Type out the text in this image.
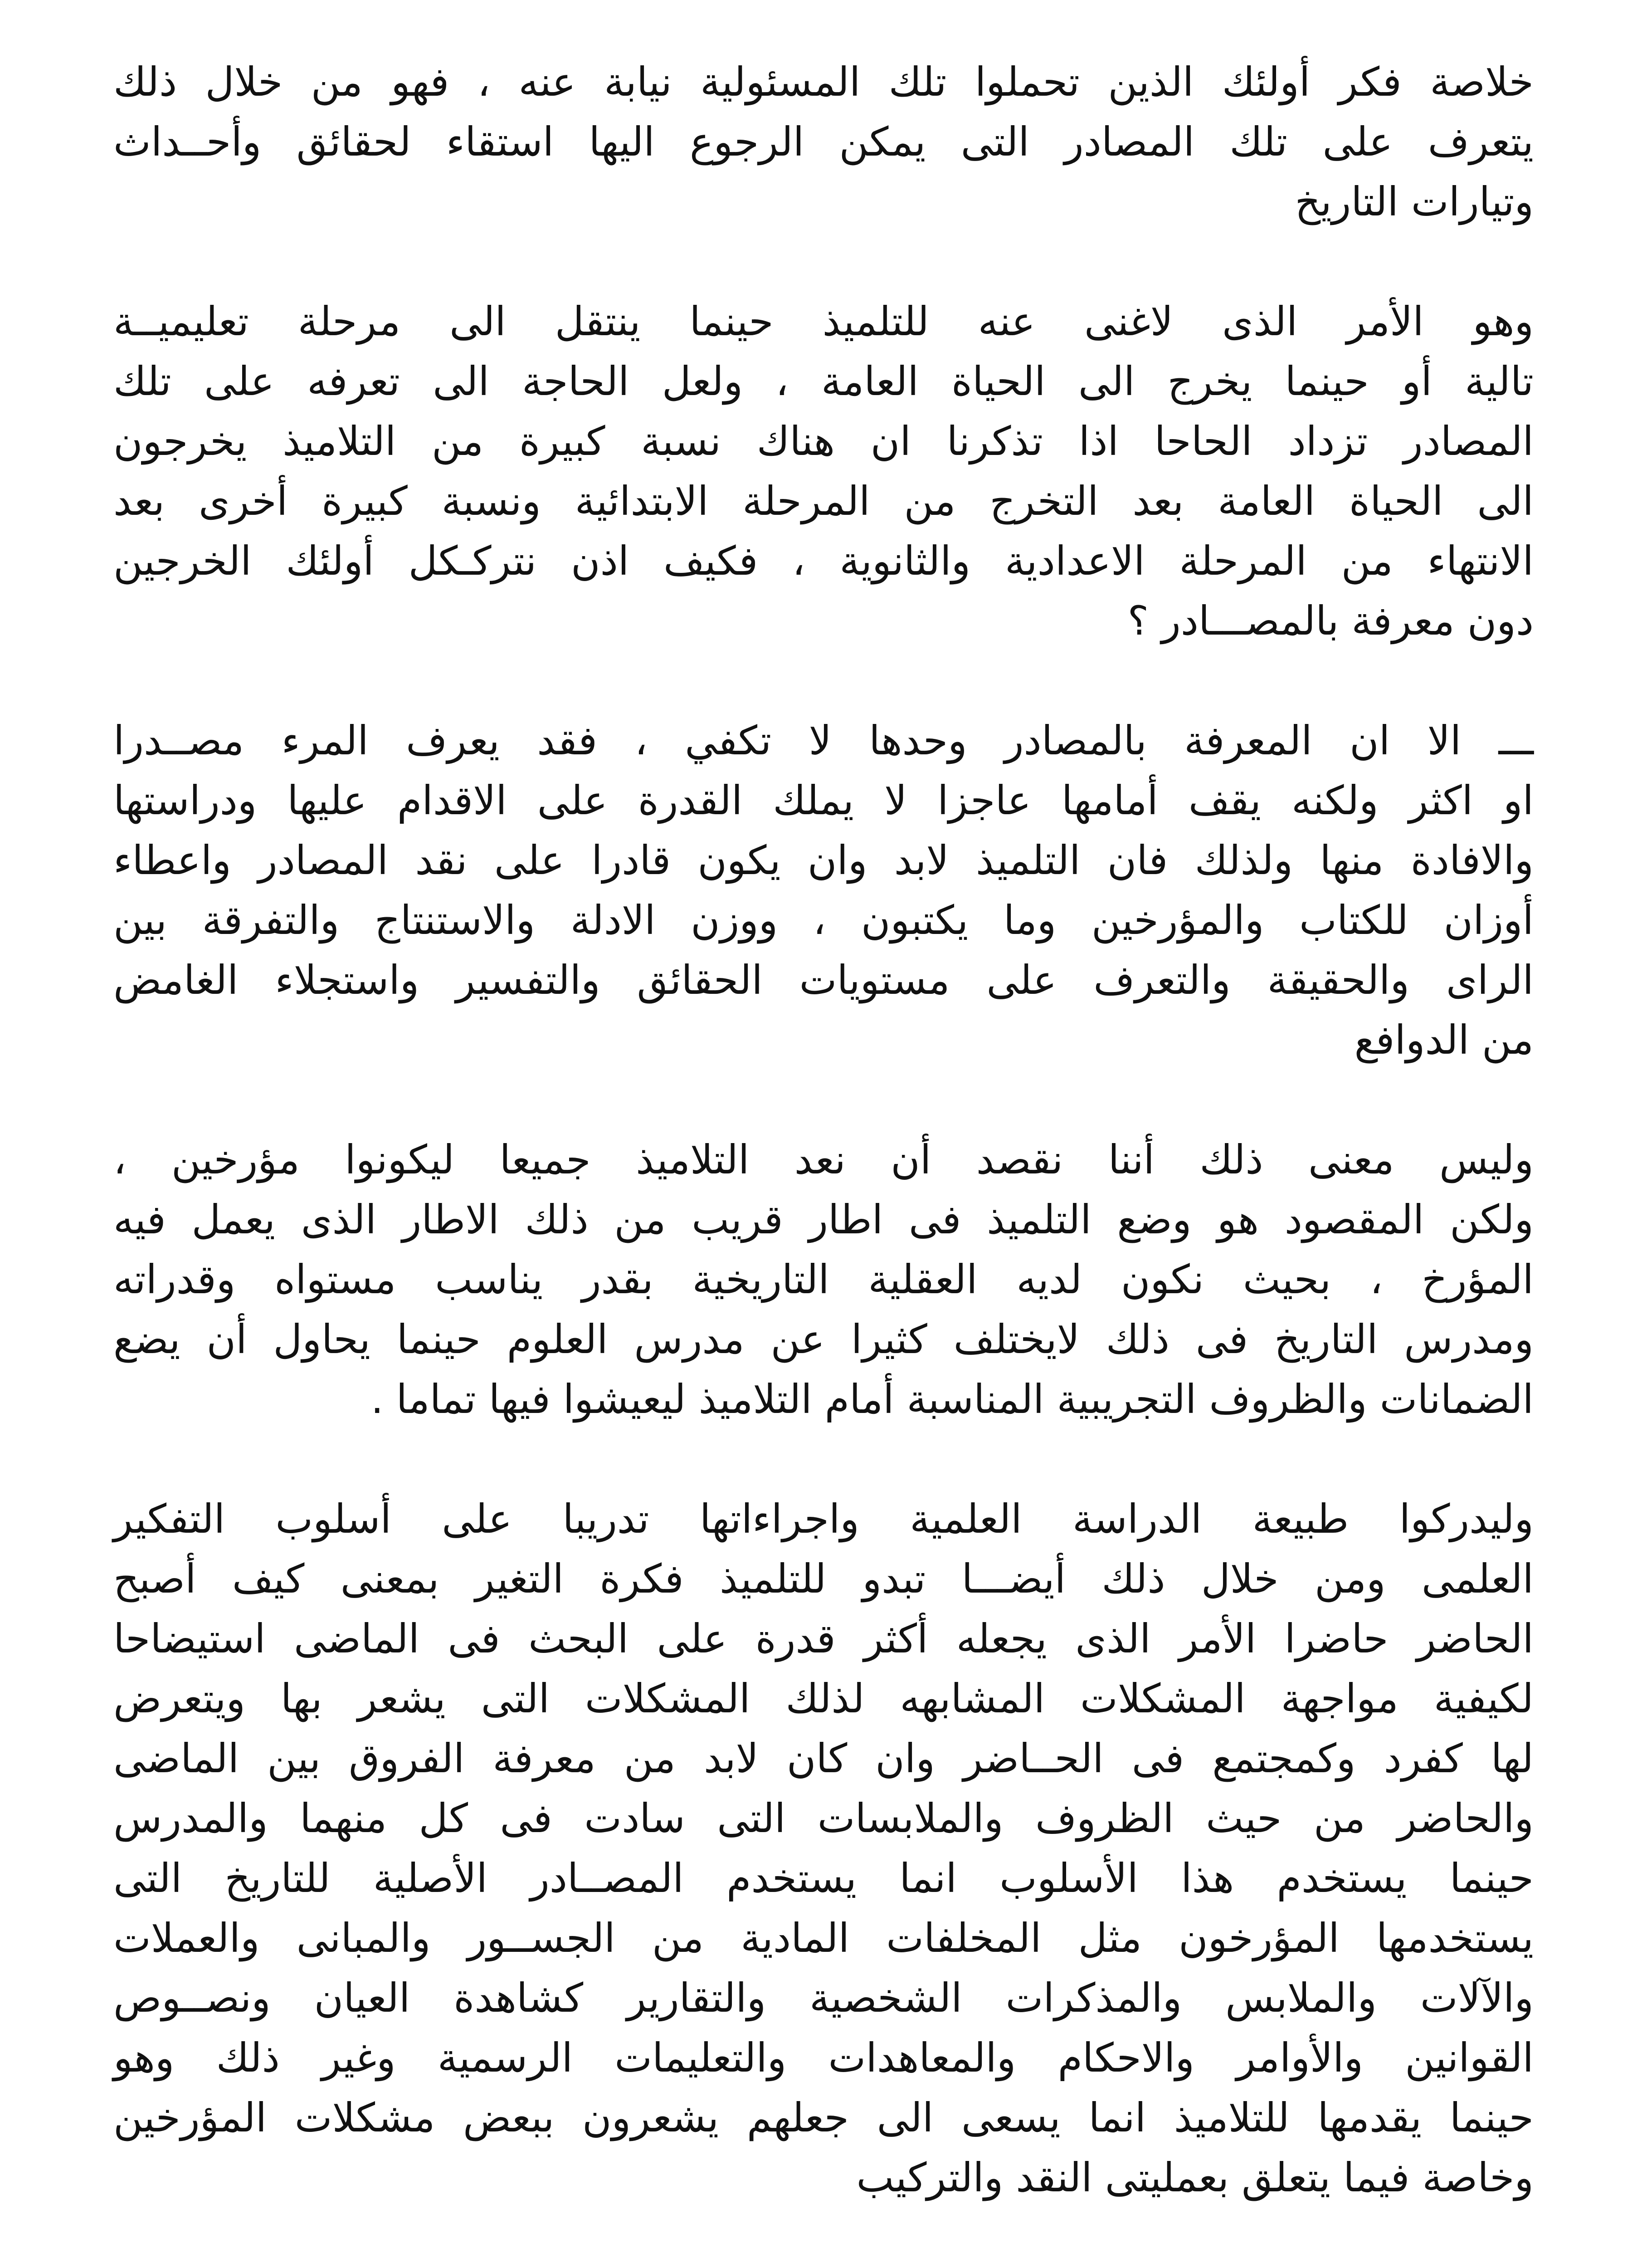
خلاصة فكر أولئك الذين تحملوا تلك المسئولية نيابة عنه ، فهو من خلال ذلك
يتعرف على تلك المصادر التى يمكن الرجوع اليها استقاء لحقائق وأحــداث
وتيارات التاريخ

وهو الأمر الذى لاغنى عنه للتلميذ حينما ينتقل الى مرحلة تعليميــة
تالية أو حينما يخرج الى الحياة العامة ، ولعل الحاجة الى تعرفه على تلك
المصادر تزداد الحاحا اذا تذكرنا ان هناك نسبة كبيرة من التلاميذ يخرجون
الى الحياة العامة بعد التخرج من المرحلة الابتدائية ونسبة كبيرة أخرى بعد
الانتهاء من المرحلة الاعدادية والثانوية ، فكيف اذن نتركـكل أولئك الخرجين
دون معرفة بالمصـــادر ؟

ـــ الا ان المعرفة بالمصادر وحدها لا تكفي ، فقد يعرف المرء مصــدرا
او اكثر ولكنه يقف أمامها عاجزا لا يملك القدرة على الاقدام عليها ودراستها
والافادة منها ولذلك فان التلميذ لابد وان يكون قادرا على نقد المصادر واعطاء
أوزان للكتاب والمؤرخين وما يكتبون ، ووزن الادلة والاستنتاج والتفرقة بين
الراى والحقيقة والتعرف على مستويات الحقائق والتفسير واستجلاء الغامض
من الدوافع

وليس معنى ذلك أننا نقصد أن نعد التلاميذ جميعا ليكونوا مؤرخين ،
ولكن المقصود هو وضع التلميذ فى اطار قريب من ذلك الاطار الذى يعمل فيه
المؤرخ ، بحيث نكون لديه العقلية التاريخية بقدر يناسب مستواه وقدراته
ومدرس التاريخ فى ذلك لايختلف كثيرا عن مدرس العلوم حينما يحاول أن يضع
الضمانات والظروف التجريبية المناسبة أمام التلاميذ ليعيشوا فيها تماما .

وليدركوا طبيعة الدراسة العلمية واجراءاتها تدريبا على أسلوب التفكير
العلمى ومن خلال ذلك أيضـــا تبدو للتلميذ فكرة التغير بمعنى كيف أصبح
الحاضر حاضرا الأمر الذى يجعله أكثر قدرة على البحث فى الماضى استيضاحا
لكيفية مواجهة المشكلات المشابهه لذلك المشكلات التى يشعر بها ويتعرض
لها كفرد وكمجتمع فى الحــاضر وان كان لابد من معرفة الفروق بين الماضى
والحاضر من حيث الظروف والملابسات التى سادت فى كل منهما والمدرس
حينما يستخدم هذا الأسلوب انما يستخدم المصــادر الأصلية للتاريخ التى
يستخدمها المؤرخون مثل المخلفات المادية من الجســور والمبانى والعملات
والآلات والملابس والمذكرات الشخصية والتقارير كشاهدة العيان ونصــوص
القوانين والأوامر والاحكام والمعاهدات والتعليمات الرسمية وغير ذلك وهو
حينما يقدمها للتلاميذ انما يسعى الى جعلهم يشعرون ببعض مشكلات المؤرخين
وخاصة فيما يتعلق بعمليتى النقد والتركيب
